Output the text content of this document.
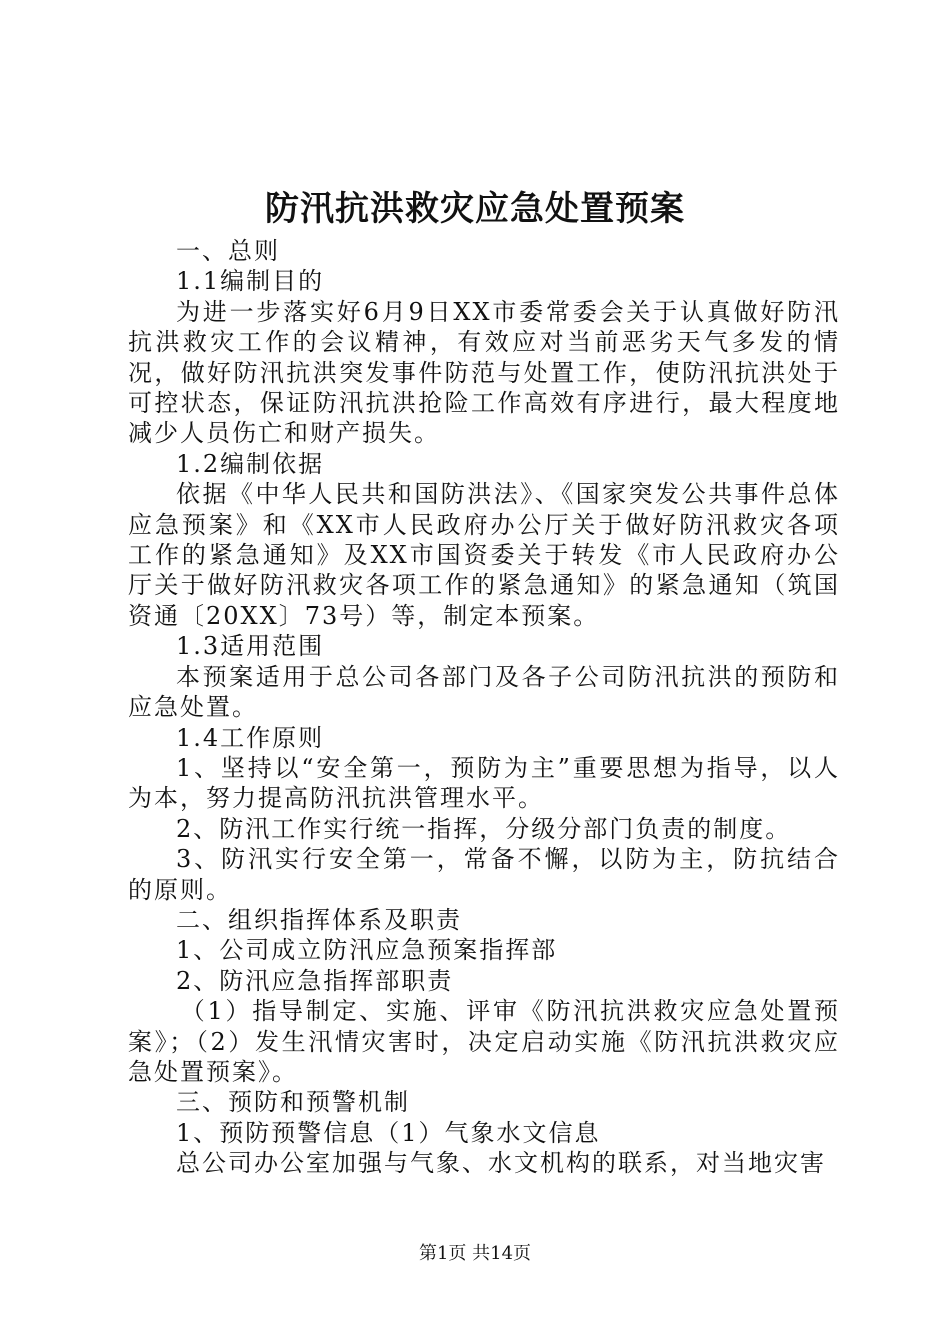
防汛抗洪救灾应急处置预案

一、总则

1.1编制目的

为进一步落实好6月9日XX市委常委会关于认真做好防汛抗洪救灾工作的会议精神，有效应对当前恶劣天气多发的情况，做好防汛抗洪突发事件防范与处置工作，使防汛抗洪处于可控状态，保证防汛抗洪抢险工作高效有序进行，最大程度地减少人员伤亡和财产损失。

1.2编制依据

依据《中华人民共和国防洪法》、《国家突发公共事件总体应急预案》和《XX市人民政府办公厅关于做好防汛救灾各项工作的紧急通知》及XX市国资委关于转发《市人民政府办公厅关于做好防汛救灾各项工作的紧急通知》的紧急通知（筑国资通〔20XX〕73号）等，制定本预案。

1.3适用范围

本预案适用于总公司各部门及各子公司防汛抗洪的预防和应急处置。

1.4工作原则

1、坚持以“安全第一，预防为主”重要思想为指导，以人为本，努力提高防汛抗洪管理水平。

2、防汛工作实行统一指挥，分级分部门负责的制度。

3、防汛实行安全第一，常备不懈，以防为主，防抗结合的原则。

二、组织指挥体系及职责

1、公司成立防汛应急预案指挥部

2、防汛应急指挥部职责

（1）指导制定、实施、评审《防汛抗洪救灾应急处置预案》；（2）发生汛情灾害时，决定启动实施《防汛抗洪救灾应急处置预案》。

三、预防和预警机制

1、预防预警信息（1）气象水文信息

总公司办公室加强与气象、水文机构的联系，对当地灾害

第1页 共14页
